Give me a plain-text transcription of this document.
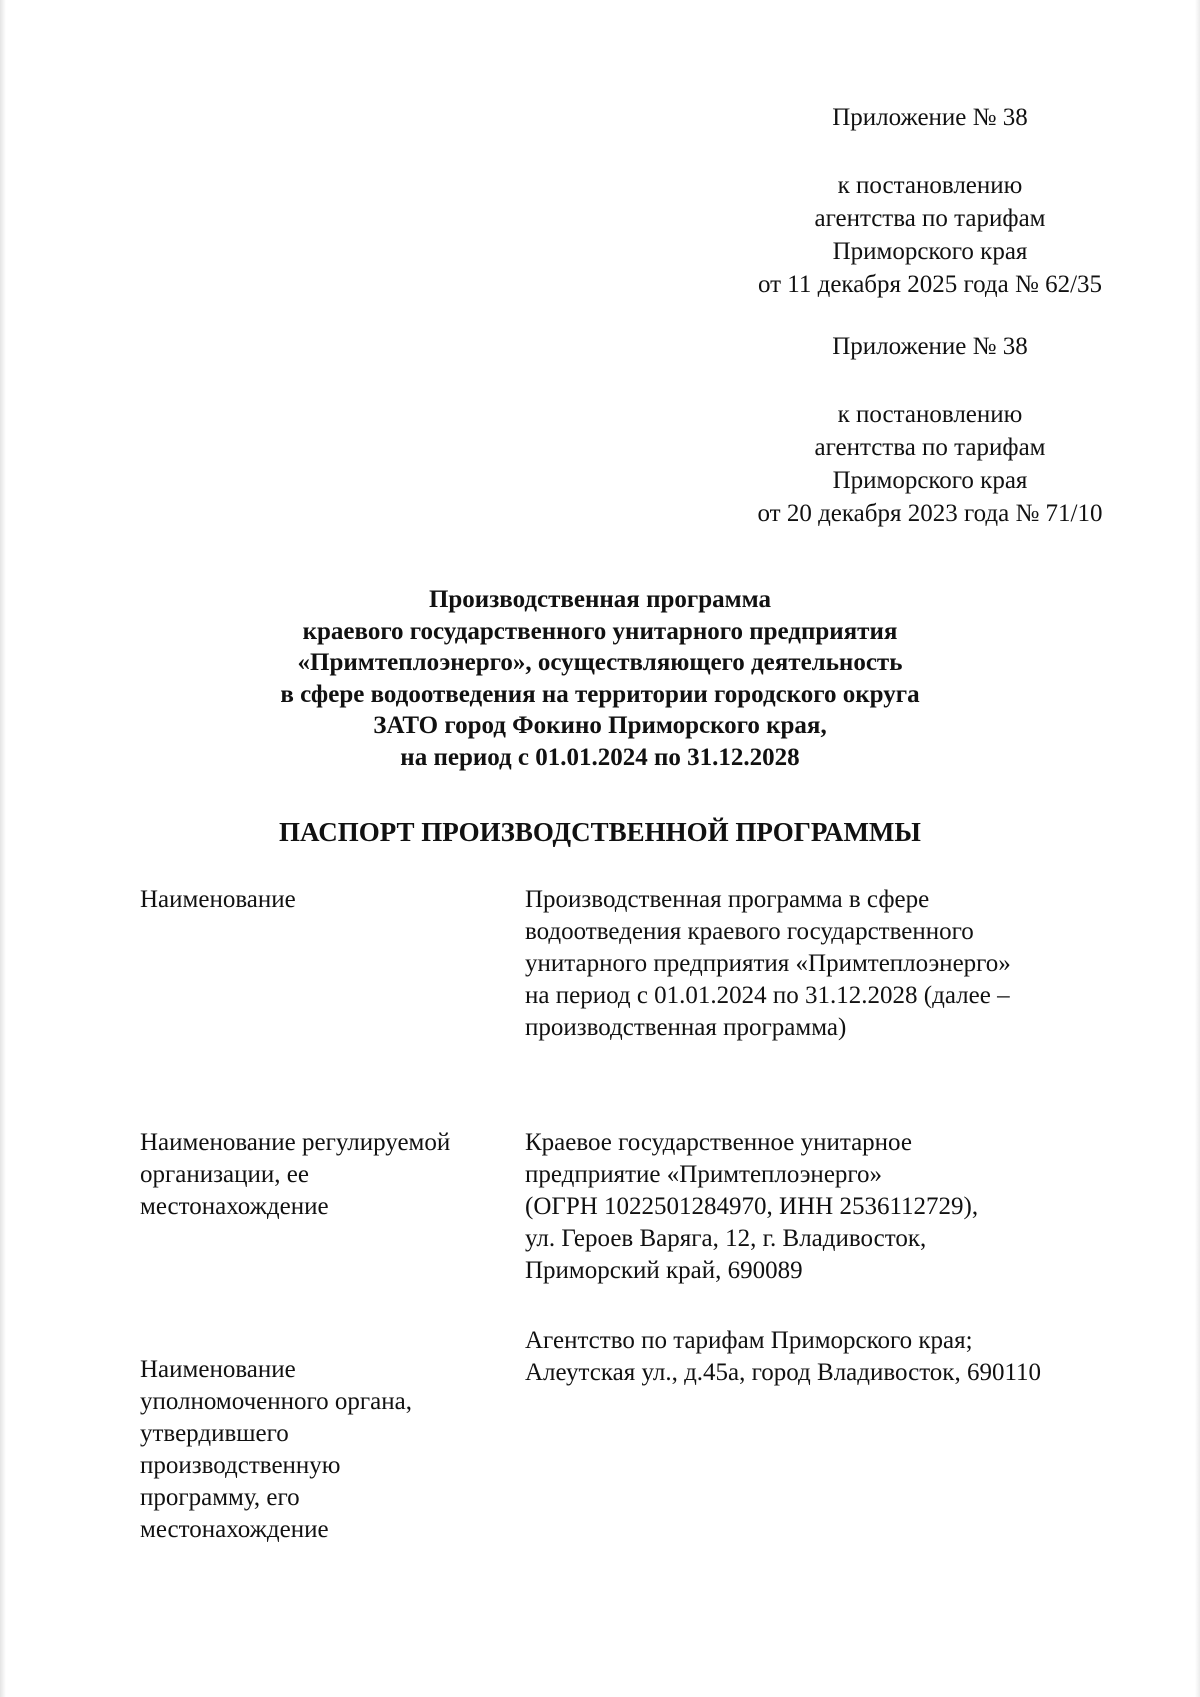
Приложение № 38
к постановлению
агентства по тарифам
Приморского края
от 11 декабря 2025 года № 62/35
Приложение № 38
к постановлению
агентства по тарифам
Приморского края
от 20 декабря 2023 года № 71/10
Производственная программа
краевого государственного унитарного предприятия
«Примтеплоэнерго», осуществляющего деятельность
в сфере водоотведения на территории городского округа
ЗАТО город Фокино Приморского края,
на период с 01.01.2024 по 31.12.2028
ПАСПОРТ ПРОИЗВОДСТВЕННОЙ ПРОГРАММЫ
Наименование	Производственная программа в сфере
водоотведения краевого государственного
унитарного предприятия «Примтеплоэнерго»
на период с 01.01.2024 по 31.12.2028 (далее –
производственная программа)
Наименование регулируемой
организации, ее
местонахождение
Краевое государственное унитарное
предприятие «Примтеплоэнерго»
(ОГРН 1022501284970, ИНН 2536112729),
ул. Героев Варяга, 12, г. Владивосток,
Приморский край, 690089
Наименование
уполномоченного органа,
утвердившего
производственную
программу, его
местонахождение
Агентство по тарифам Приморского края;
Алеутская ул., д.45а, город Владивосток, 690110
